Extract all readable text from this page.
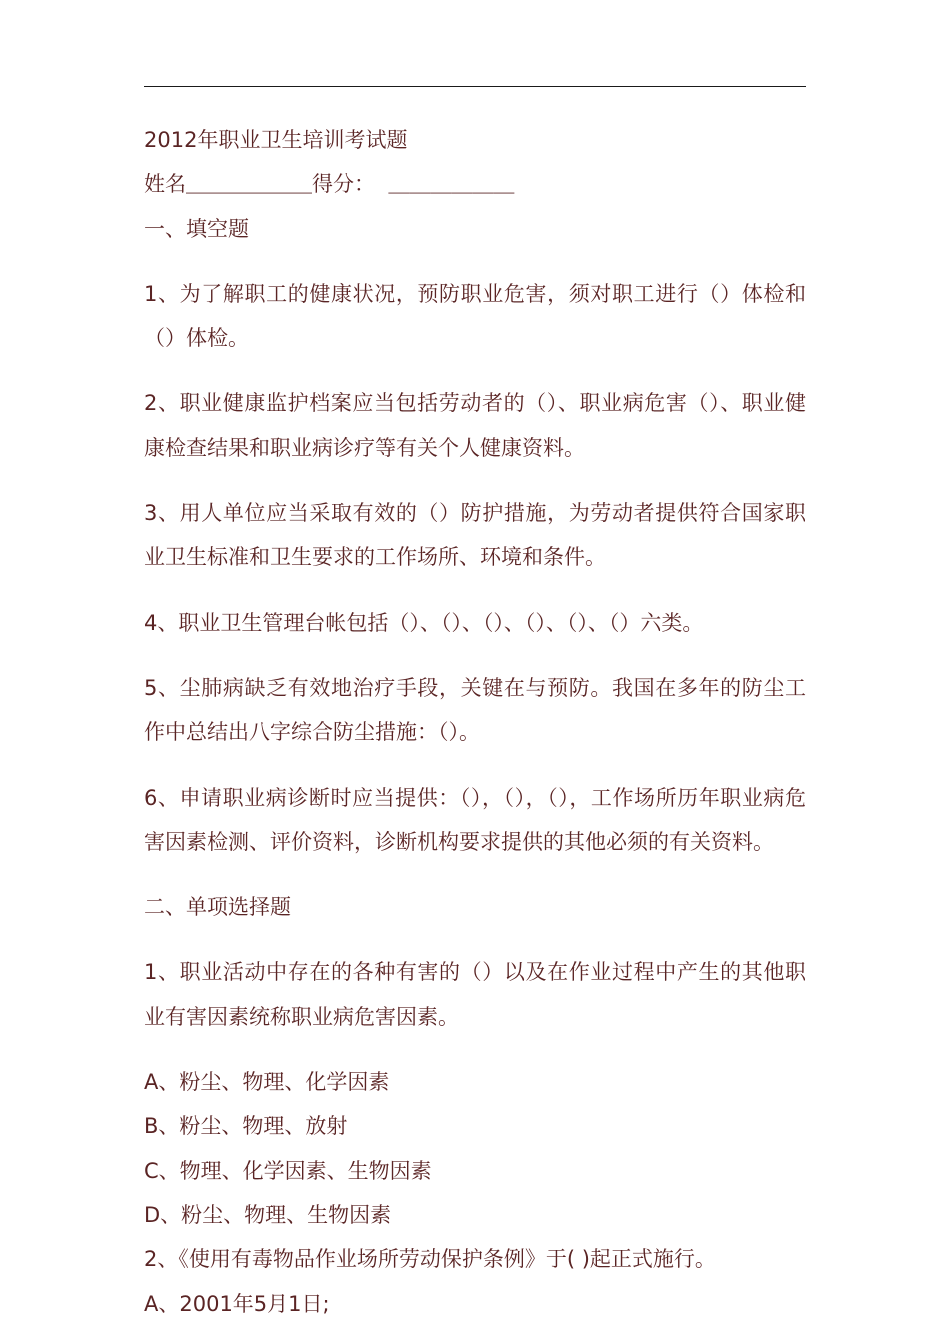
2012年职业卫生培训考试题

姓名＿＿＿＿＿＿得分：  ＿＿＿＿＿＿

一、填空题

1、为了解职工的健康状况，预防职业危害，须对职工进行（）体检和（）体检。

2、职业健康监护档案应当包括劳动者的（）、职业病危害（）、职业健康检查结果和职业病诊疗等有关个人健康资料。

3、用人单位应当采取有效的（）防护措施，为劳动者提供符合国家职业卫生标准和卫生要求的工作场所、环境和条件。

4、职业卫生管理台帐包括（）、（）、（）、（）、（）、（）六类。

5、尘肺病缺乏有效地治疗手段，关键在与预防。我国在多年的防尘工作中总结出八字综合防尘措施：（）。

6、申请职业病诊断时应当提供：（），（），（），工作场所历年职业病危害因素检测、评价资料，诊断机构要求提供的其他必须的有关资料。

二、单项选择题

1、职业活动中存在的各种有害的（）以及在作业过程中产生的其他职业有害因素统称职业病危害因素。

A、粉尘、物理、化学因素

B、粉尘、物理、放射

C、物理、化学因素、生物因素

D、粉尘、物理、生物因素

2、《使用有毒物品作业场所劳动保护条例》于( )起正式施行。

A、2001年5月1日;
